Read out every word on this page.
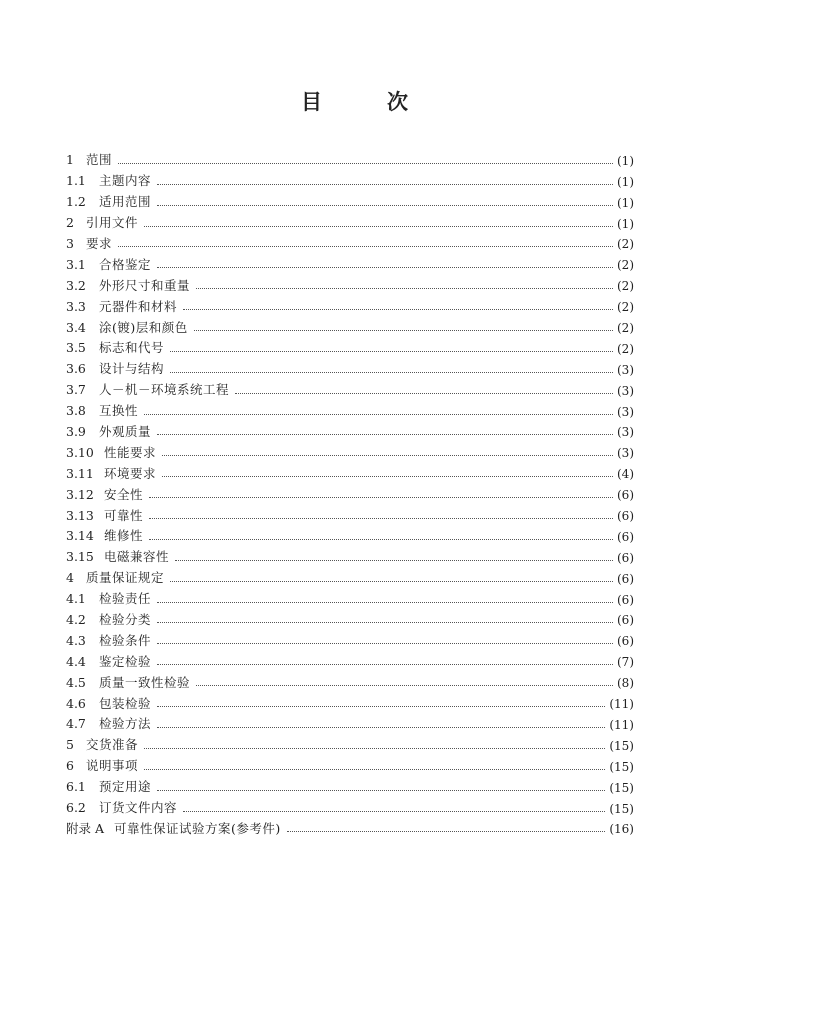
目	次
1 范围	(1)
1.1	主题内容	(1)
1.2	适用范围	(1)
2 引用文件	(1)
3 要求	(2)
3.1	合格鉴定	(2)
3.2	外形尺寸和重量	(2)
3.3	元器件和材料	(2)
3.4	涂(镀)层和颜色	(2)
3.5	标志和代号	(2)
3.6	设计与结构	(3)
3.7	人－机－环境系统工程	(3)
3.8	互换性	(3)
3.9	外观质量	(3)
3.10 性能要求	(3)
3.11 环境要求	(4)
3.12 安全性	(6)
3.13 可靠性	(6)
3.14 维修性	(6)
3.15 电磁兼容性	(6)
4 质量保证规定	(6)
4.1	检验责任	(6)
4.2	检验分类	(6)
4.3	检验条件	(6)
4.4	鉴定检验	(7)
4.5	质量一致性检验	(8)
4.6	包装检验	(11)
4.7	检验方法	(11)
5 交货准备	(15)
6 说明事项	(15)
6.1	预定用途	(15)
6.2	订货文件内容	(15)
附录 A 可靠性保证试验方案(参考件)	(16)
